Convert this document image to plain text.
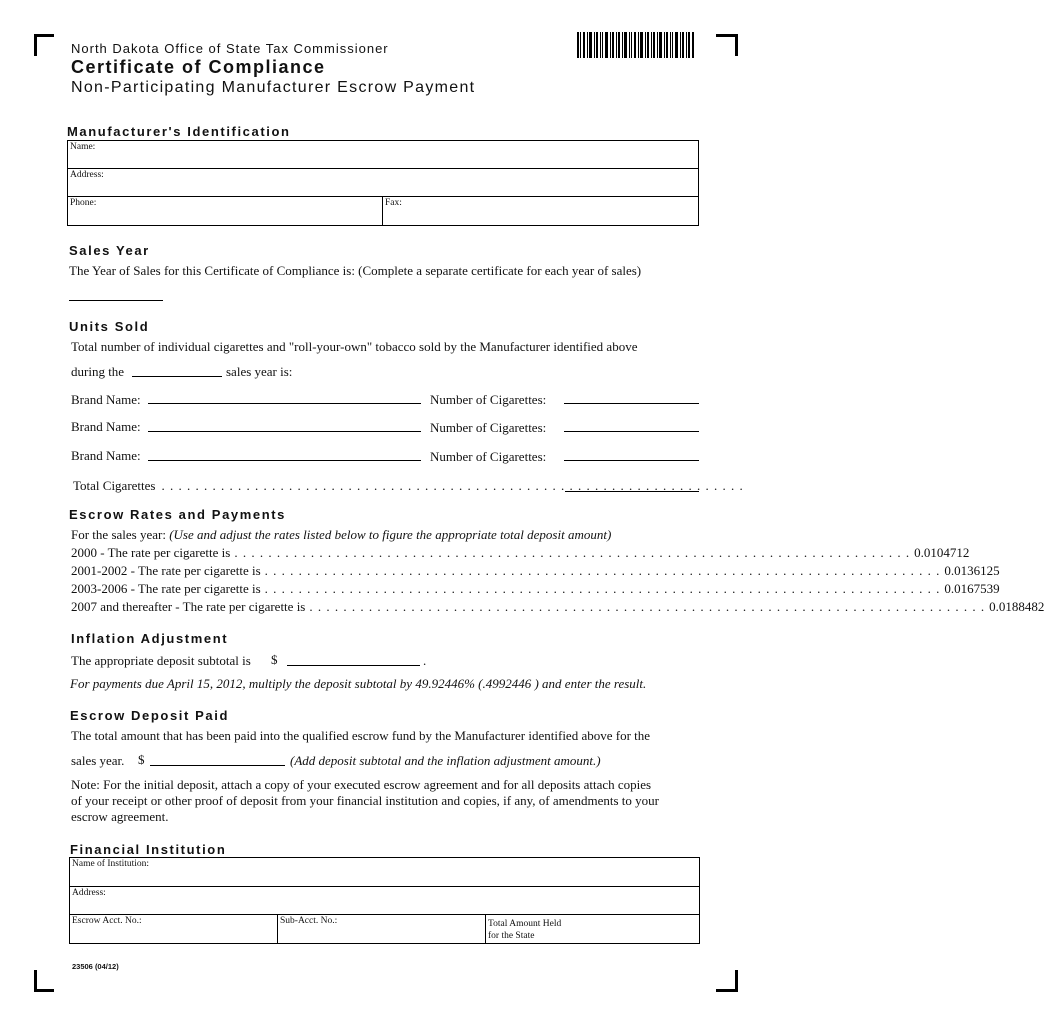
North Dakota Office of State Tax Commissioner
Certificate of Compliance
Non-Participating Manufacturer Escrow Payment
Manufacturer's Identification
Name:
Address:
Phone:	Fax:
Sales Year
The Year of Sales for this Certificate of Compliance is: (Complete a separate certificate for each year of sales)
Units Sold
Total number of individual cigarettes and "roll-your-own" tobacco sold by the Manufacturer identified above
during the	sales year is:
Brand Name:	Number of Cigarettes:
Brand Name:	Number of Cigarettes:
Brand Name:	Number of Cigarettes:
Total Cigarettes . . . . . . . . . . . . . . . . . . . . . . . . . . . . . . . . . . . . . . . . . . . . . . . . . . . . . . . . . . . . . . . . . . . . .
Escrow Rates and Payments
For the sales year: (Use and adjust the rates listed below to figure the appropriate total deposit amount)
2000 - The rate per cigarette is . . . . . . . . . . . . . . . . . . . . . . . . . . . . . . . . . . . . . . . . . . . . . . . . . . . . . . . . . . . . . . . . . . . . . . . . . . . . . . . . 0.0104712
2001-2002 - The rate per cigarette is . . . . . . . . . . . . . . . . . . . . . . . . . . . . . . . . . . . . . . . . . . . . . . . . . . . . . . . . . . . . . . . . . . . . . . . . . . . . . . . . 0.0136125
2003-2006 - The rate per cigarette is . . . . . . . . . . . . . . . . . . . . . . . . . . . . . . . . . . . . . . . . . . . . . . . . . . . . . . . . . . . . . . . . . . . . . . . . . . . . . . . . 0.0167539
2007 and thereafter - The rate per cigarette is . . . . . . . . . . . . . . . . . . . . . . . . . . . . . . . . . . . . . . . . . . . . . . . . . . . . . . . . . . . . . . . . . . . . . . . . . . . . . . . . 0.0188482
Inflation Adjustment
The appropriate deposit subtotal is $	.
For payments due April 15, 2012, multiply the deposit subtotal by 49.92446% (.4992446 ) and enter the result.
Escrow Deposit Paid
The total amount that has been paid into the qualified escrow fund by the Manufacturer identified above for the
sales year. $	(Add deposit subtotal and the inflation adjustment amount.)
Note: For the initial deposit, attach a copy of your executed escrow agreement and for all deposits attach copies
of your receipt or other proof of deposit from your financial institution and copies, if any, of amendments to your
escrow agreement.
Financial Institution
Name of Institution:
Address:
Escrow Acct. No.:	Sub-Acct. No.:	Total Amount Held
for the State
23506 (04/12)
